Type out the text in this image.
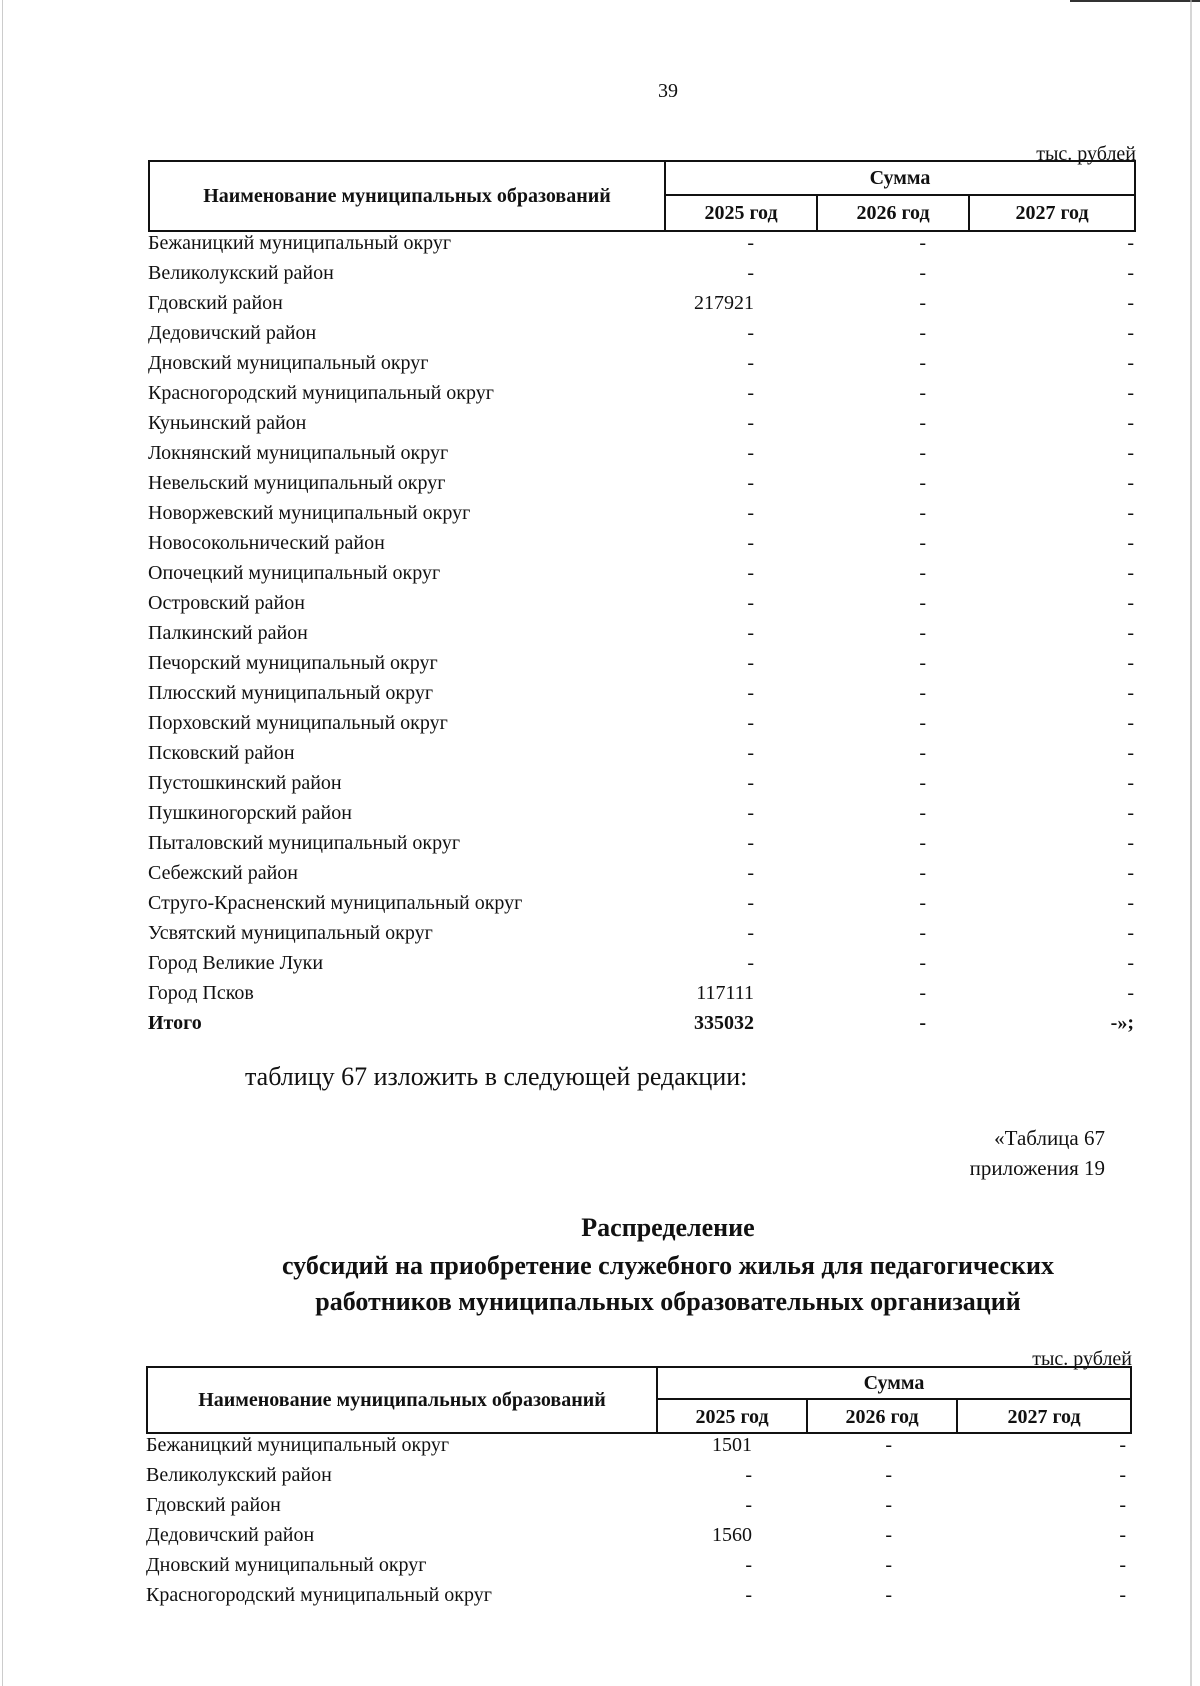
39
тыс. рублей
Наименование муниципальных образований
Сумма
2025 год	2026 год	2027 год
Бежаницкий муниципальный округ	-	-	-
Великолукский район	-	-	-
Гдовский район	217921	-	-
Дедовичский район	-	-	-
Дновский муниципальный округ	-	-	-
Красногородский муниципальный округ	-	-	-
Куньинский район	-	-	-
Локнянский муниципальный округ	-	-	-
Невельский муниципальный округ	-	-	-
Новоржевский муниципальный округ	-	-	-
Новосокольнический район	-	-	-
Опочецкий муниципальный округ	-	-	-
Островский район	-	-	-
Палкинский район	-	-	-
Печорский муниципальный округ	-	-	-
Плюсский муниципальный округ	-	-	-
Порховский муниципальный округ	-	-	-
Псковский район	-	-	-
Пустошкинский район	-	-	-
Пушкиногорский район	-	-	-
Пыталовский муниципальный округ	-	-	-
Себежский район	-	-	-
Струго-Красненский муниципальный округ	-	-	-
Усвятский муниципальный округ	-	-	-
Город Великие Луки	-	-	-
Город Псков	117111	-	-
Итого	335032	-	-»;
таблицу 67 изложить в следующей редакции:
«Таблица 67
приложения 19
Распределение
субсидий на приобретение служебного жилья для педагогических
работников муниципальных образовательных организаций
тыс. рублей
Наименование муниципальных образований
Сумма
2025 год	2026 год	2027 год
Бежаницкий муниципальный округ	1501	-	-
Великолукский район	-	-	-
Гдовский район	-	-	-
Дедовичский район	1560	-	-
Дновский муниципальный округ	-	-	-
Красногородский муниципальный округ	-	-	-
